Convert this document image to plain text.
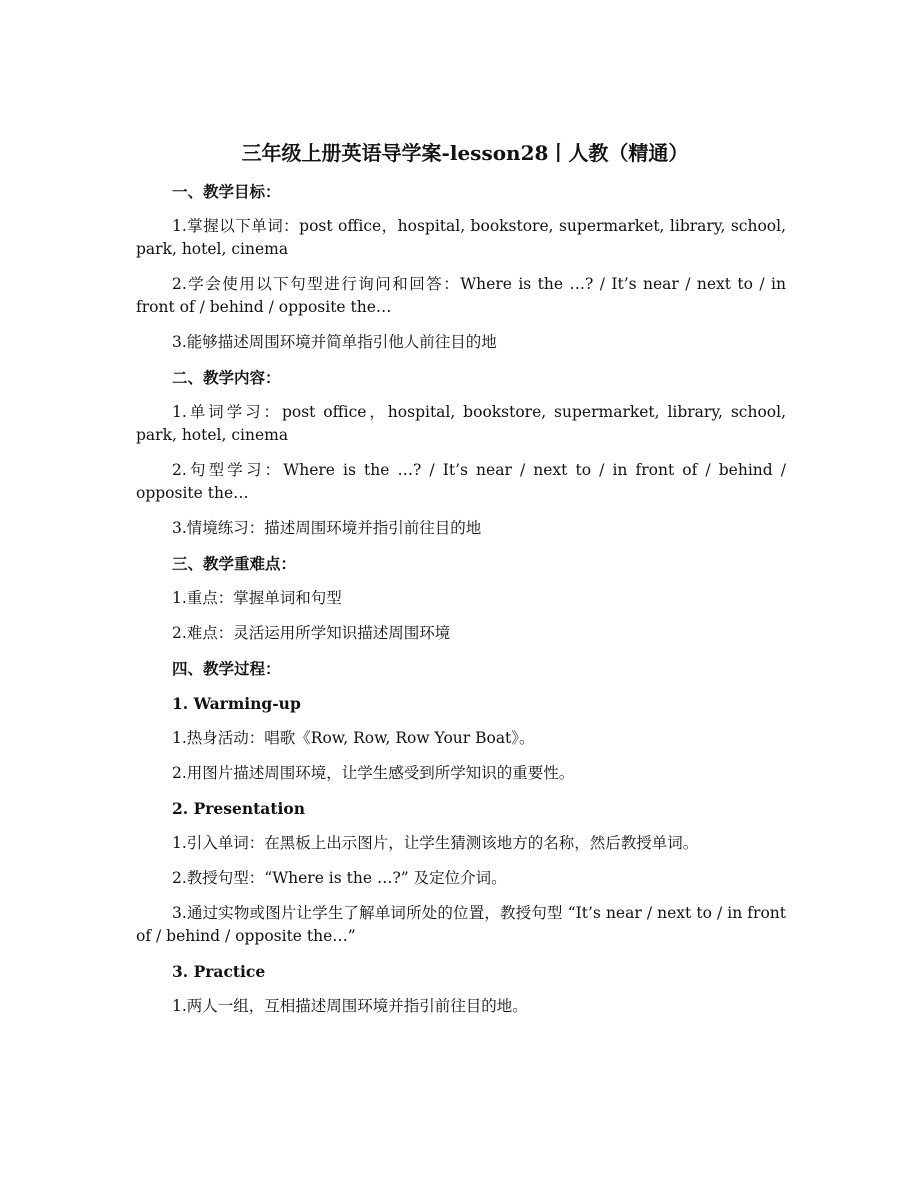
三年级上册英语导学案-lesson28丨人教（精通）
一、教学目标：
1.掌握以下单词：post office，hospital, bookstore, supermarket, library, school, park, hotel, cinema
2.学会使用以下句型进行询问和回答：Where is the …? / It’s near / next to / in front of / behind / opposite the…
3.能够描述周围环境并简单指引他人前往目的地
二、教学内容：
1.单词学习：post office，hospital, bookstore, supermarket, library, school, park, hotel, cinema
2.句型学习：Where is the …? / It’s near / next to / in front of / behind / opposite the…
3.情境练习：描述周围环境并指引前往目的地
三、教学重难点：
1.重点：掌握单词和句型
2.难点：灵活运用所学知识描述周围环境
四、教学过程：
1. Warming-up
1.热身活动：唱歌《Row, Row, Row Your Boat》。
2.用图片描述周围环境，让学生感受到所学知识的重要性。
2. Presentation
1.引入单词：在黑板上出示图片，让学生猜测该地方的名称，然后教授单词。
2.教授句型：“Where is the …?” 及定位介词。
3.通过实物或图片让学生了解单词所处的位置，教授句型 “It’s near / next to / in front of / behind / opposite the…”
3. Practice
1.两人一组，互相描述周围环境并指引前往目的地。
